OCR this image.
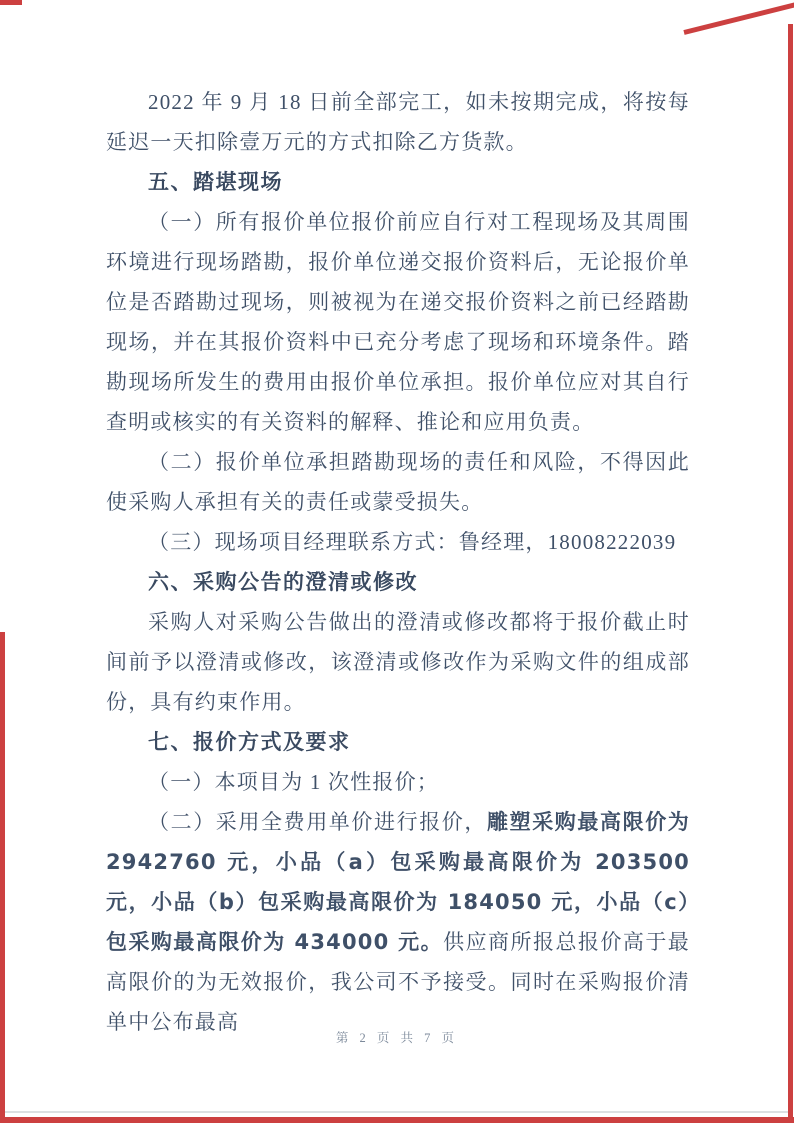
2022 年 9 月 18 日前全部完工，如未按期完成，将按每延迟一天扣除壹万元的方式扣除乙方货款。

五、踏堪现场

（一）所有报价单位报价前应自行对工程现场及其周围环境进行现场踏勘，报价单位递交报价资料后，无论报价单位是否踏勘过现场，则被视为在递交报价资料之前已经踏勘现场，并在其报价资料中已充分考虑了现场和环境条件。踏勘现场所发生的费用由报价单位承担。报价单位应对其自行查明或核实的有关资料的解释、推论和应用负责。

（二）报价单位承担踏勘现场的责任和风险，不得因此使采购人承担有关的责任或蒙受损失。

（三）现场项目经理联系方式：鲁经理，18008222039

六、采购公告的澄清或修改

采购人对采购公告做出的澄清或修改都将于报价截止时间前予以澄清或修改，该澄清或修改作为采购文件的组成部份，具有约束作用。

七、报价方式及要求

（一）本项目为 1 次性报价；

（二）采用全费用单价进行报价，雕塑采购最高限价为 2942760 元，小品（a）包采购最高限价为 203500 元，小品（b）包采购最高限价为 184050 元，小品（c）包采购最高限价为 434000 元。供应商所报总报价高于最高限价的为无效报价，我公司不予接受。同时在采购报价清单中公布最高

第 2 页 共 7 页
